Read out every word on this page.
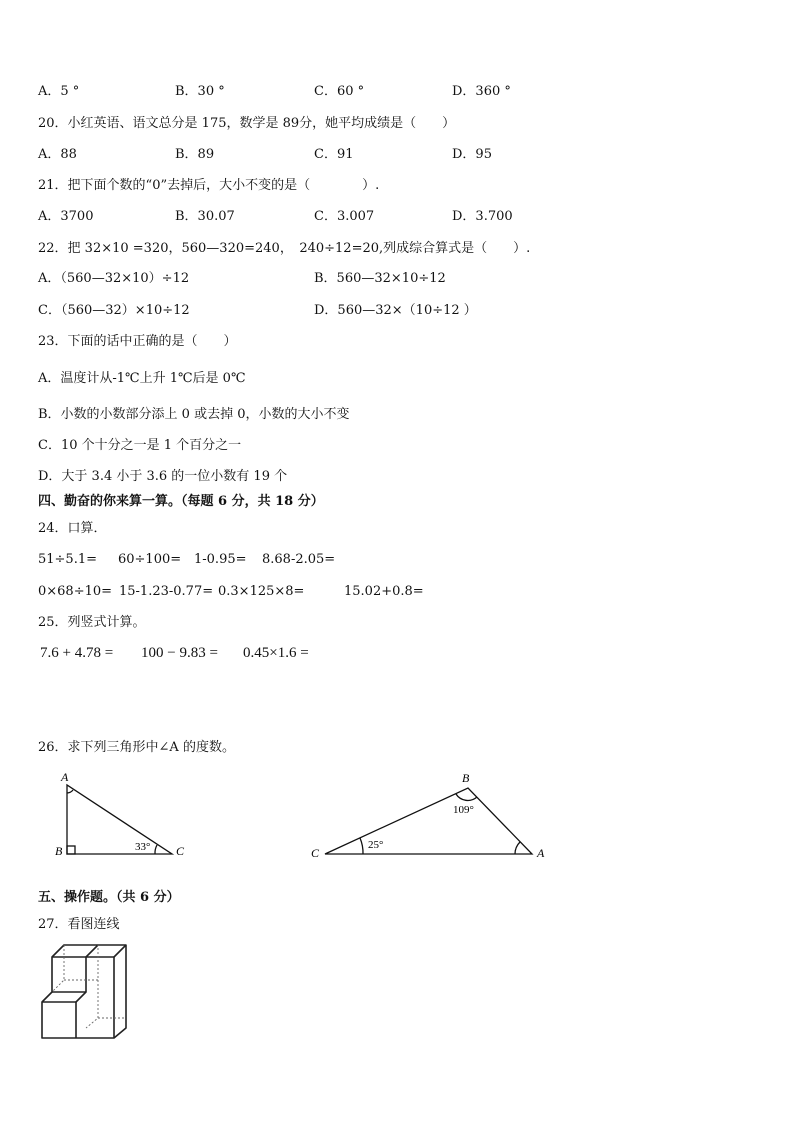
A．5 °	B．30 °	C．60 °	D．360 °
20．小红英语、语文总分是 175，数学是 89分，她平均成绩是（　　）
A．88	B．89	C．91	D．95
21．把下面个数的“0”去掉后，大小不变的是（　　　　）.
A．3700	B．30.07	C．3.007	D．3.700
22．把 32×10 =320，560—320=240，　240÷12=20,列成综合算式是（　　）.
A．（560—32×10）÷12	B．560—32×10÷12
C．（560—32）×10÷12	D．560—32×（10÷12 ）
23．下面的话中正确的是（　　）
A．温度计从-1℃上升 1℃后是 0℃
B．小数的小数部分添上 0 或去掉 0，小数的大小不变
C．10 个十分之一是 1 个百分之一
D．大于 3.4 小于 3.6 的一位小数有 19 个
四、勤奋的你来算一算。（每题 6 分，共 18 分）
24．口算．
51÷5.1= 60÷100= 1-0.95= 8.68-2.05=
0×68÷10= 15-1.23-0.77= 0.3×125×8=	15.02+0.8=
25．列竖式计算。
7.6 + 4.78 = 100 − 9.83 = 0.45×1.6 =
26．求下列三角形中∠A 的度数。
A
B	C
33°
B
C	A
109°
25°
五、操作题。（共 6 分）
27．看图连线
